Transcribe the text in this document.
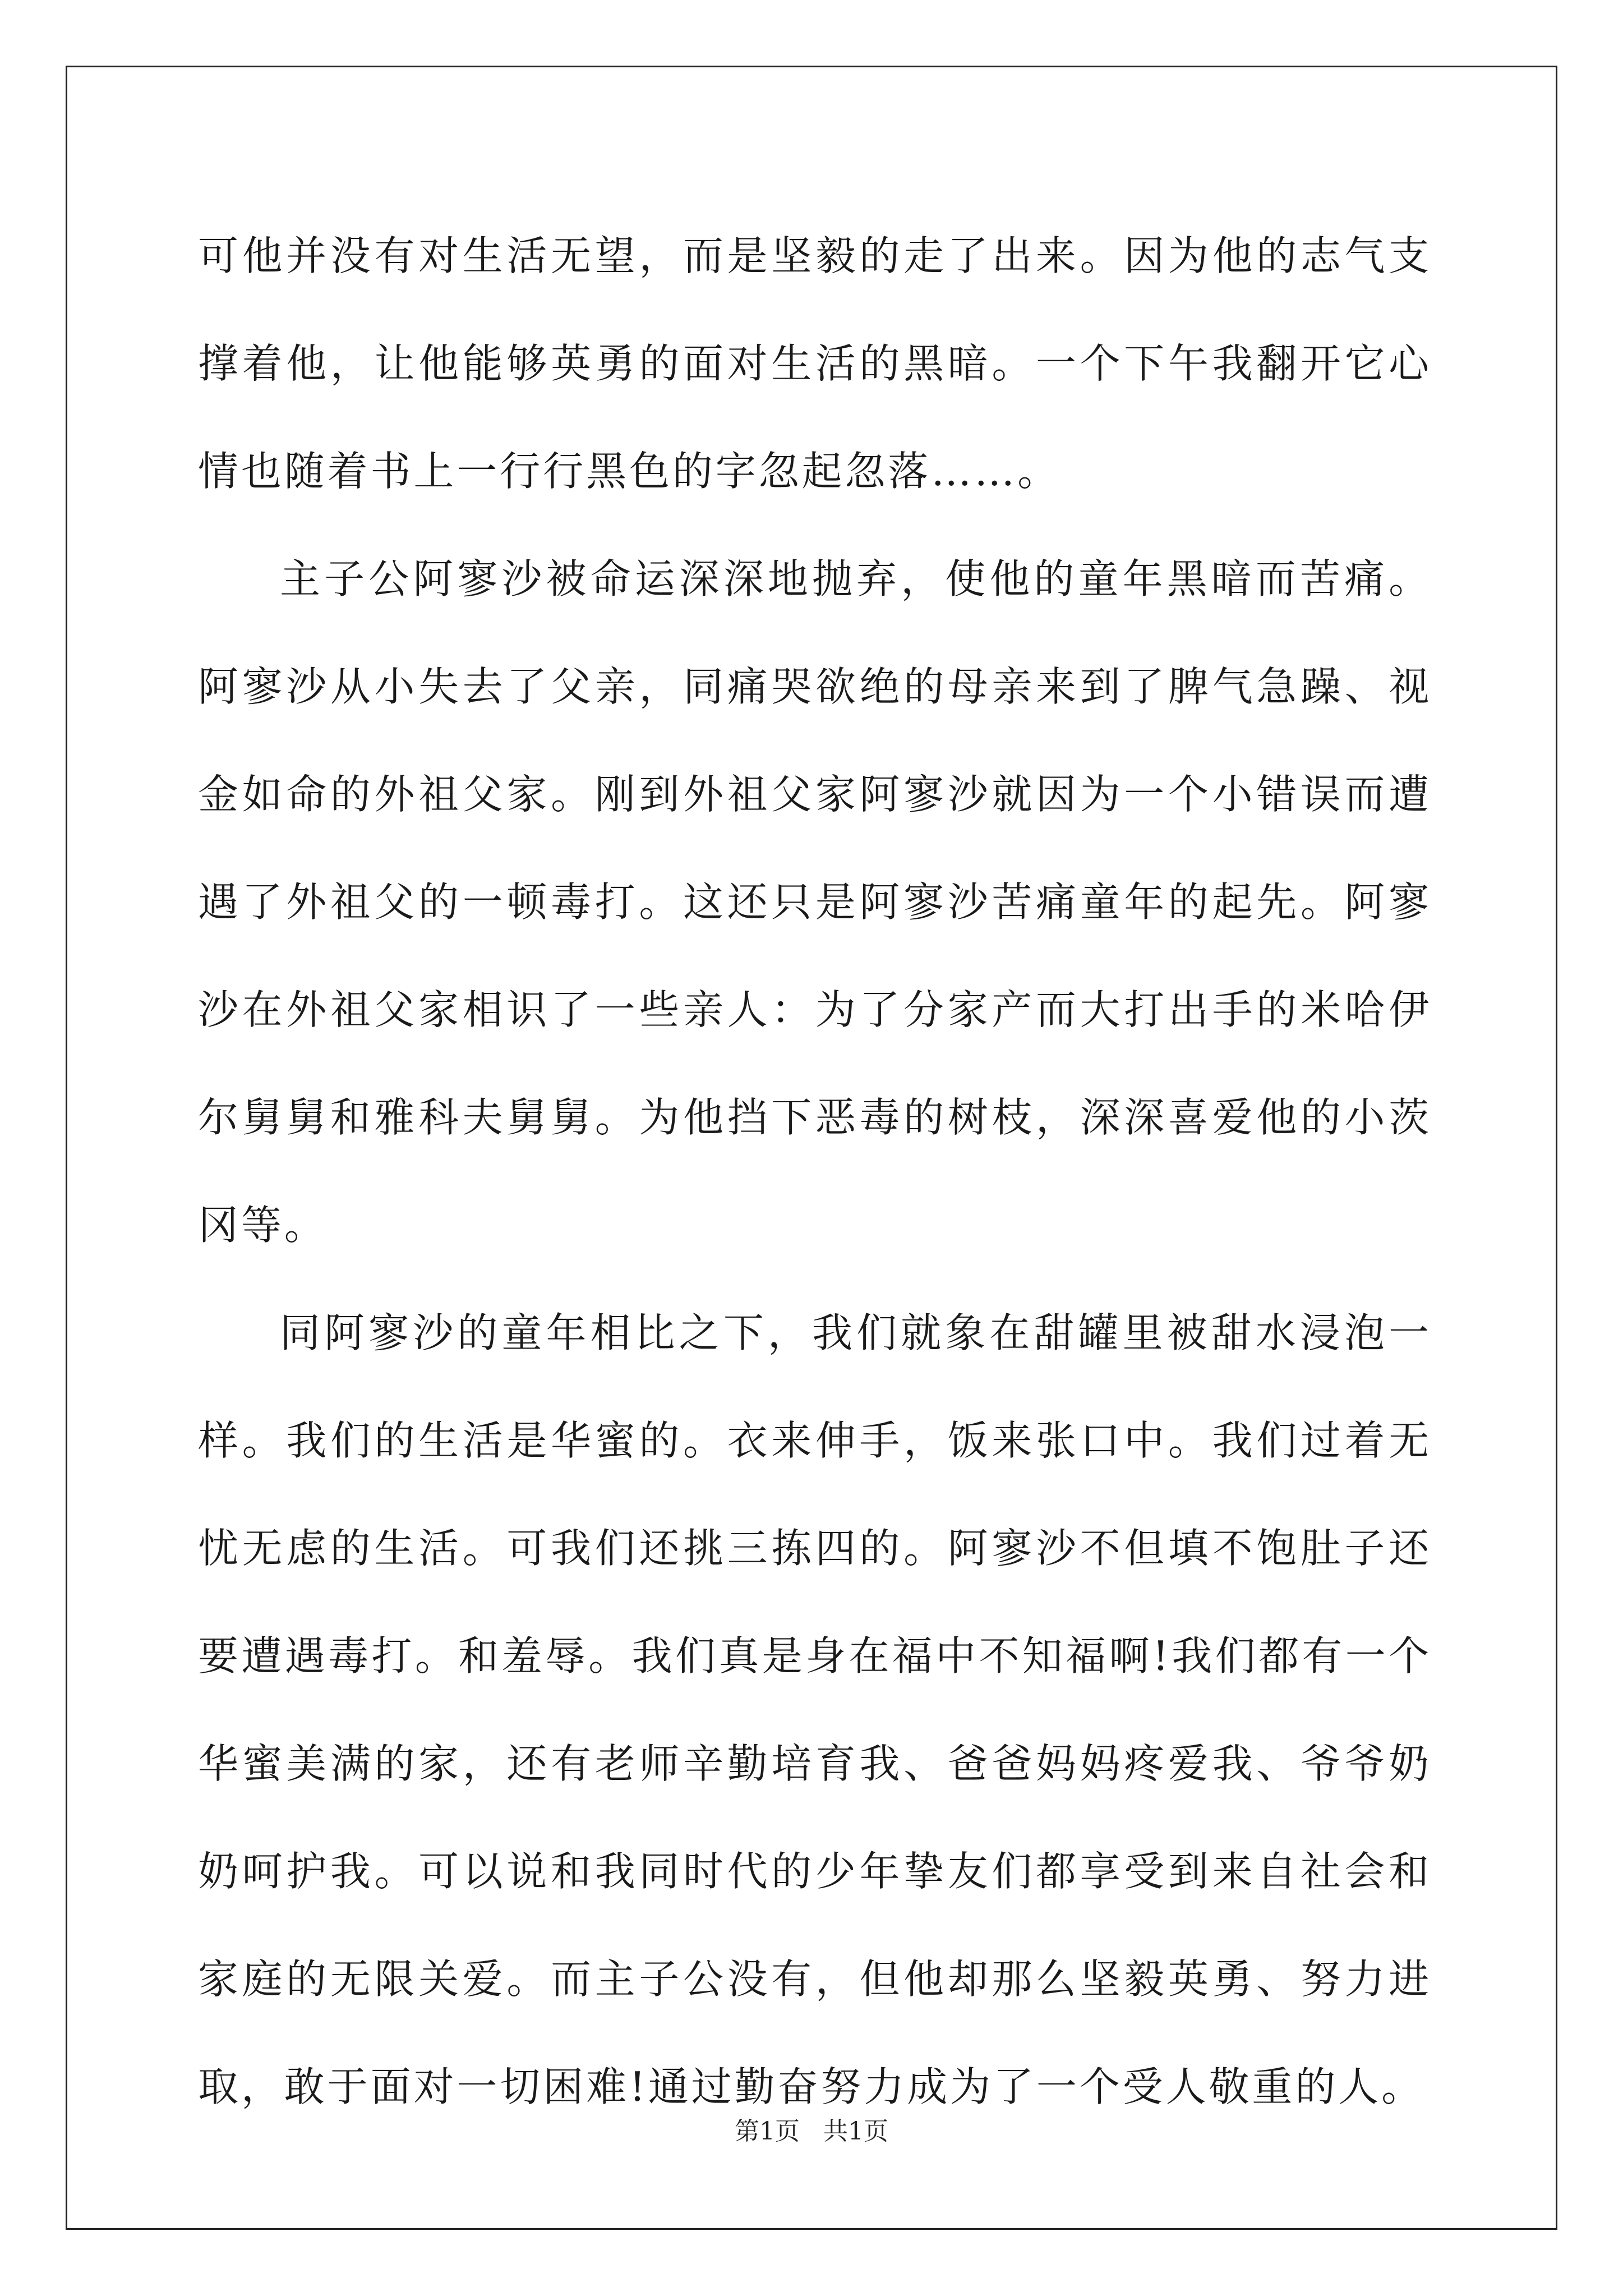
可他并没有对生活无望，而是坚毅的走了出来。因为他的志气支撑着他，让他能够英勇的面对生活的黑暗。一个下午我翻开它心情也随着书上一行行黑色的字忽起忽落……。

主子公阿寥沙被命运深深地抛弃，使他的童年黑暗而苦痛。阿寥沙从小失去了父亲，同痛哭欲绝的母亲来到了脾气急躁、视金如命的外祖父家。刚到外祖父家阿寥沙就因为一个小错误而遭遇了外祖父的一顿毒打。这还只是阿寥沙苦痛童年的起先。阿寥沙在外祖父家相识了一些亲人：为了分家产而大打出手的米哈伊尔舅舅和雅科夫舅舅。为他挡下恶毒的树枝，深深喜爱他的小茨冈等。

同阿寥沙的童年相比之下，我们就象在甜罐里被甜水浸泡一样。我们的生活是华蜜的。衣来伸手，饭来张口中。我们过着无忧无虑的生活。可我们还挑三拣四的。阿寥沙不但填不饱肚子还要遭遇毒打。和羞辱。我们真是身在福中不知福啊!我们都有一个华蜜美满的家，还有老师辛勤培育我、爸爸妈妈疼爱我、爷爷奶奶呵护我。可以说和我同时代的少年挚友们都享受到来自社会和家庭的无限关爱。而主子公没有，但他却那么坚毅英勇、努力进取，敢于面对一切困难!通过勤奋努力成为了一个受人敬重的人。

第1页 共1页
